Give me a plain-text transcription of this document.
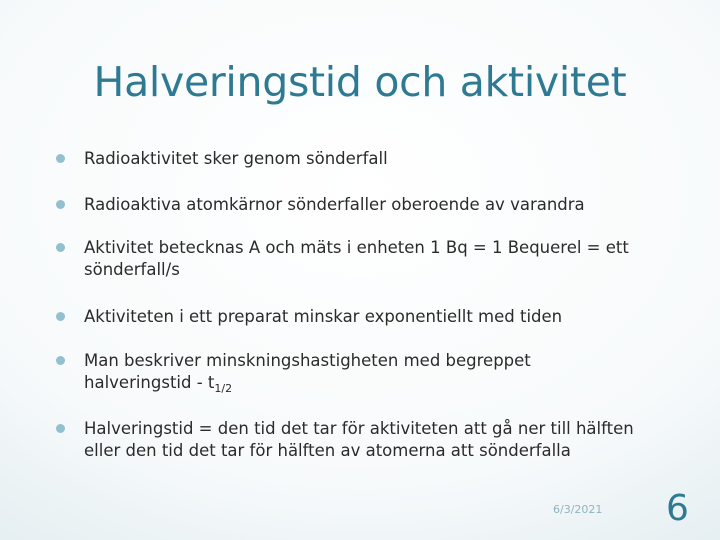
Halveringstid och aktivitet
Radioaktivitet sker genom sönderfall
Radioaktiva atomkärnor sönderfaller oberoende av varandra
Aktivitet betecknas A och mäts i enheten 1 Bq = 1 Bequerel = ett sönderfall/s
Aktiviteten i ett preparat minskar exponentiellt med tiden
Man beskriver minskningshastigheten med begreppet halveringstid - $t_{1/2}$
Halveringstid = den tid det tar för aktiviteten att gå ner till hälften eller den tid det tar för hälften av atomerna att sönderfalla
6/3/2021 6
